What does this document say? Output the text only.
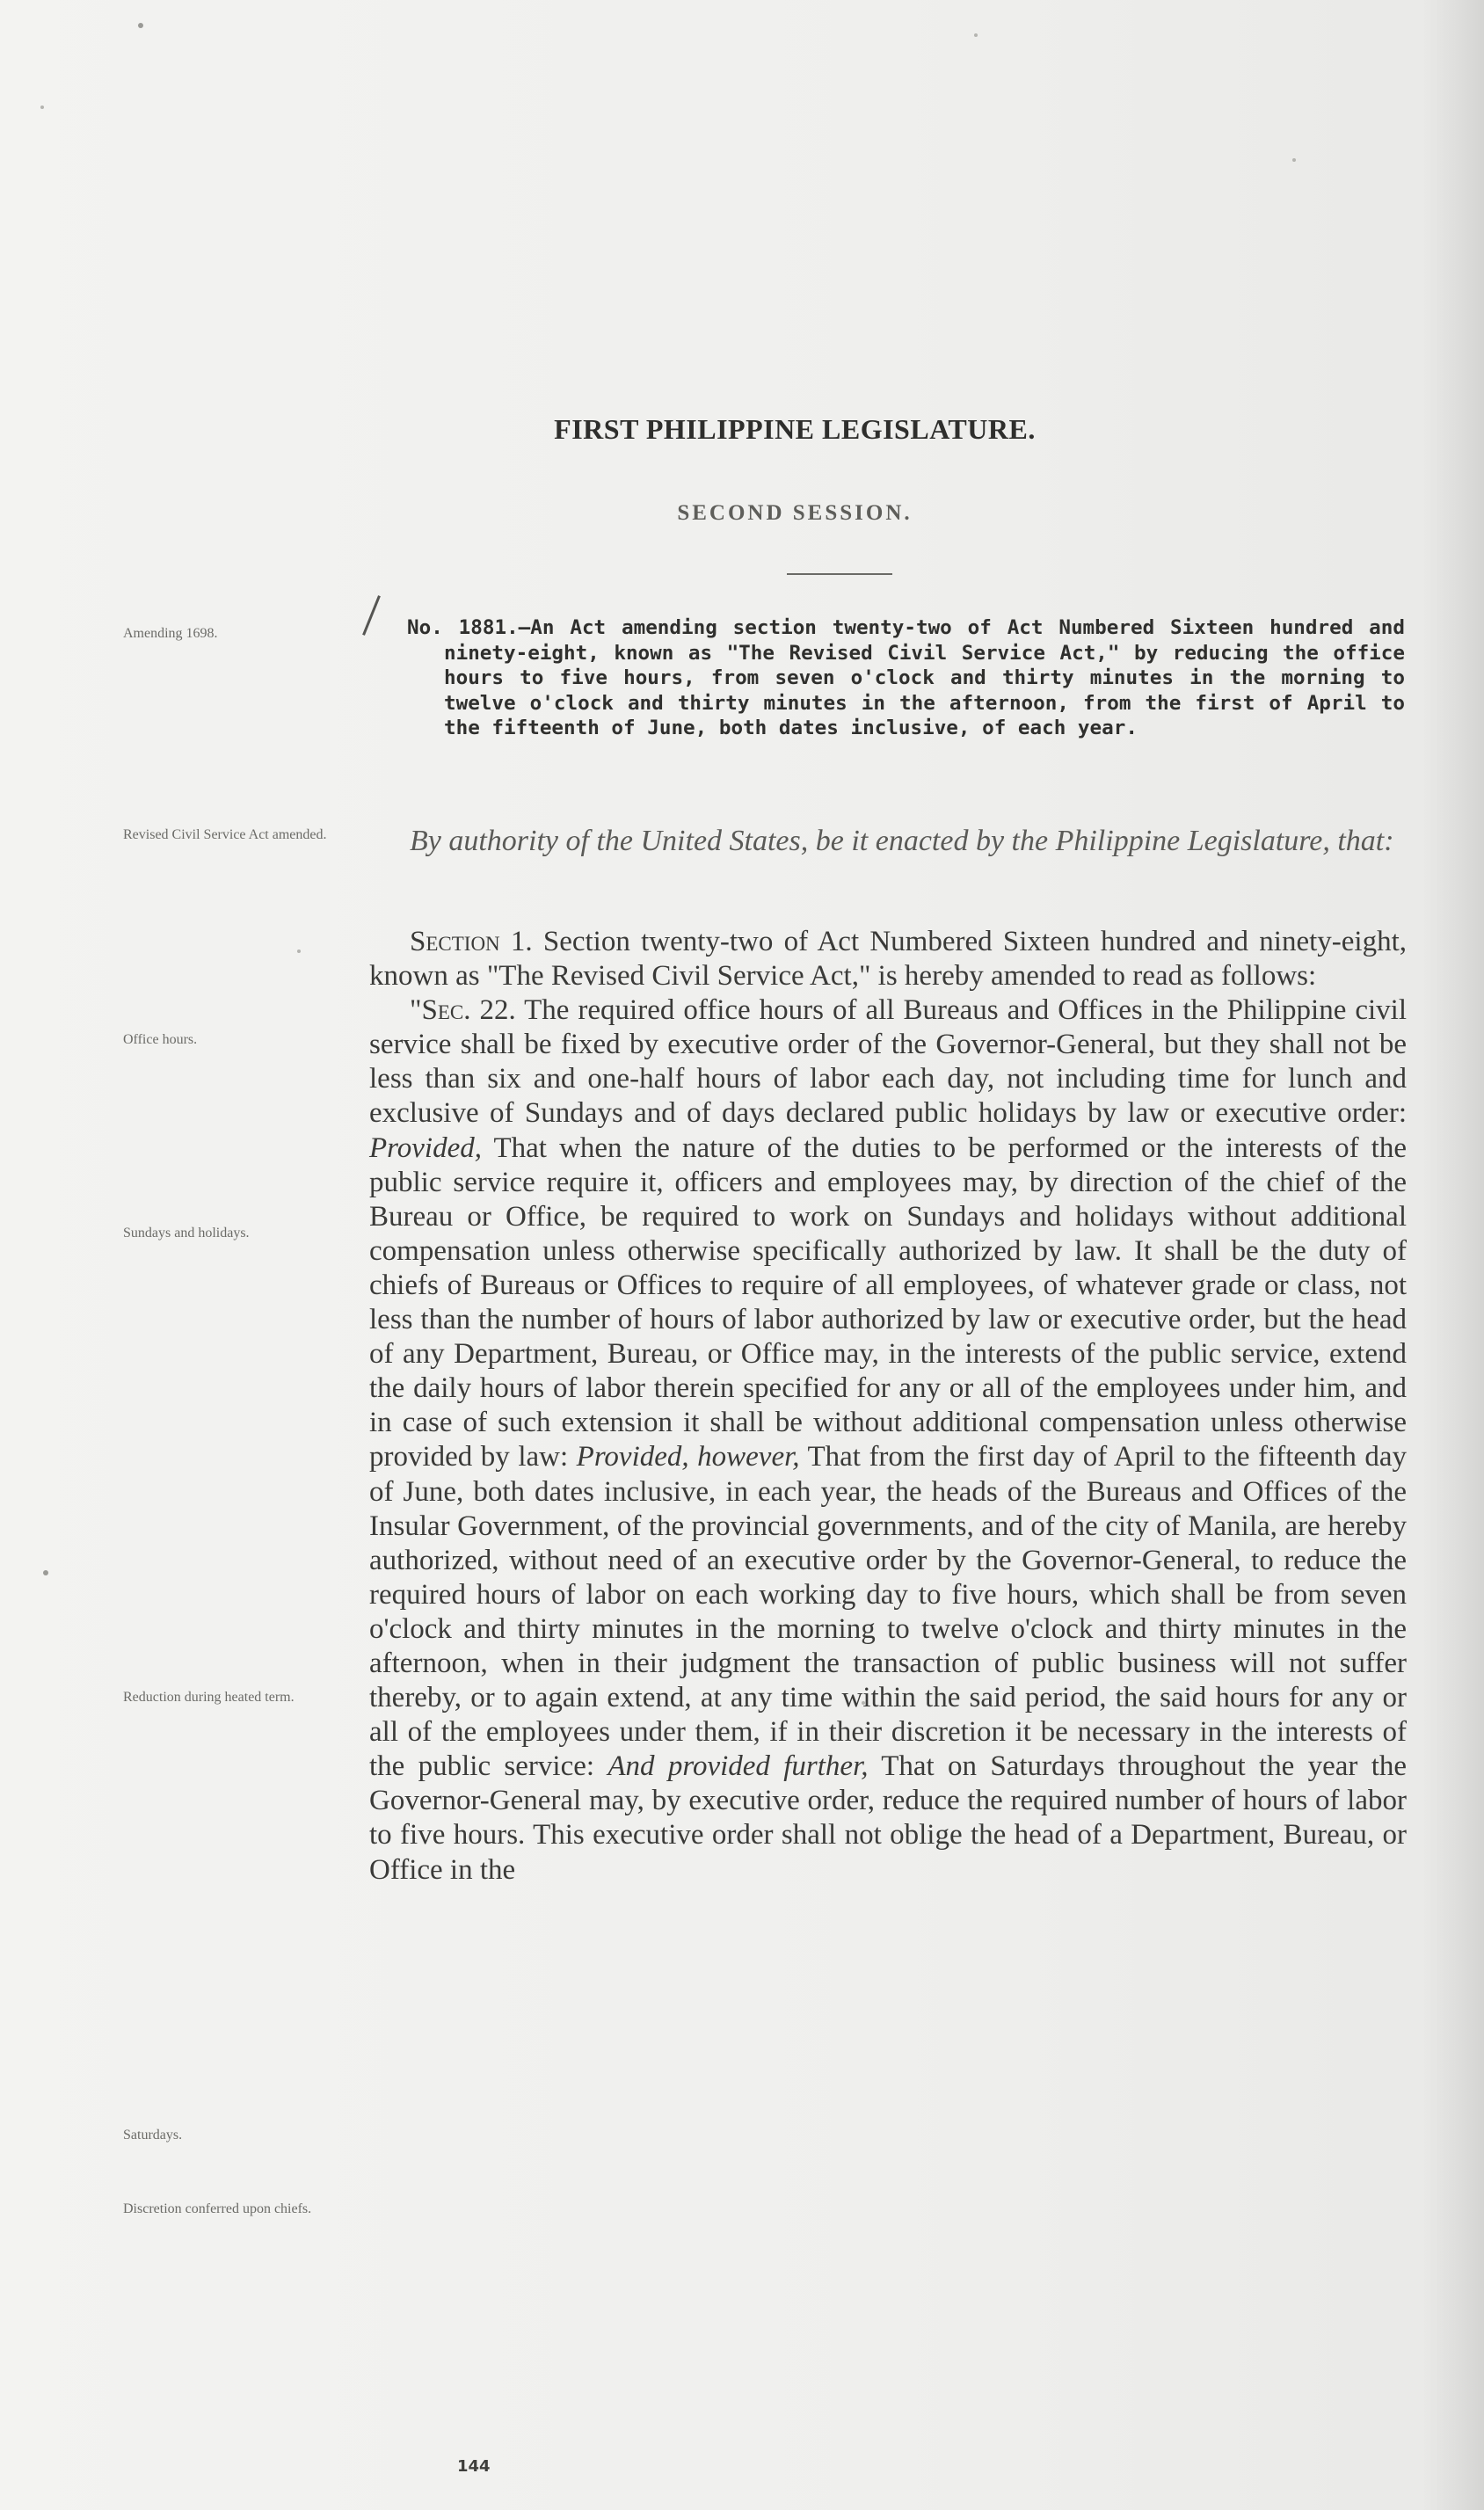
FIRST PHILIPPINE LEGISLATURE.
SECOND SESSION.

Amending 1698.

Revised Civil Service Act amended.

Office hours.

Sundays and holidays.

Reduction during heated term.

Saturdays.

Discretion conferred upon chiefs.

No. 1881.—An Act amending section twenty-two of Act Numbered Sixteen hundred and ninety-eight, known as "The Revised Civil Service Act," by reducing the office hours to five hours, from seven o'clock and thirty minutes in the morning to twelve o'clock and thirty minutes in the afternoon, from the first of April to the fifteenth of June, both dates inclusive, of each year.

By authority of the United States, be it enacted by the Philippine Legislature, that:

Section 1. Section twenty-two of Act Numbered Sixteen hundred and ninety-eight, known as "The Revised Civil Service Act," is hereby amended to read as follows:

"Sec. 22. The required office hours of all Bureaus and Offices in the Philippine civil service shall be fixed by executive order of the Governor-General, but they shall not be less than six and one-half hours of labor each day, not including time for lunch and exclusive of Sundays and of days declared public holidays by law or executive order: Provided, That when the nature of the duties to be performed or the interests of the public service require it, officers and employees may, by direction of the chief of the Bureau or Office, be required to work on Sundays and holidays without additional compensation unless otherwise specifically authorized by law. It shall be the duty of chiefs of Bureaus or Offices to require of all employees, of whatever grade or class, not less than the number of hours of labor authorized by law or executive order, but the head of any Department, Bureau, or Office may, in the interests of the public service, extend the daily hours of labor therein specified for any or all of the employees under him, and in case of such extension it shall be without additional compensation unless otherwise provided by law: Provided, however, That from the first day of April to the fifteenth day of June, both dates inclusive, in each year, the heads of the Bureaus and Offices of the Insular Government, of the provincial governments, and of the city of Manila, are hereby authorized, without need of an executive order by the Governor-General, to reduce the required hours of labor on each working day to five hours, which shall be from seven o'clock and thirty minutes in the morning to twelve o'clock and thirty minutes in the afternoon, when in their judgment the transaction of public business will not suffer thereby, or to again extend, at any time within the said period, the said hours for any or all of the employees under them, if in their discretion it be necessary in the interests of the public service: And provided further, That on Saturdays throughout the year the Governor-General may, by executive order, reduce the required number of hours of labor to five hours. This executive order shall not oblige the head of a Department, Bureau, or Office in the

144
